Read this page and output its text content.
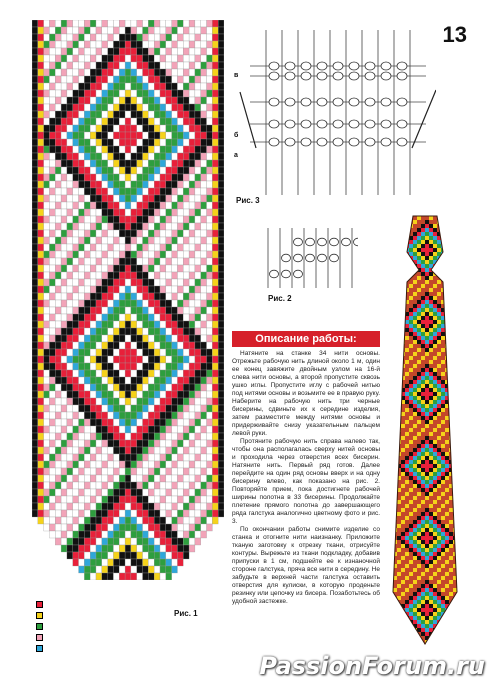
Рис. 1
13
в
б
а
Рис. 3
Рис. 2
Описание работы:

Натяните на станке 34 нити основы. Отрежьте рабочую нить длиной около 1 м, один ее конец завяжите двойным узлом на 16-й слева нити основы, а второй пропустите сквозь ушко иглы. Пропустите иглу с рабочей нитью под нитями основы и возьмите ее в правую руку. Наберите на рабочую нить три черные бисерины, сдвиньте их к середине изделия, затем разместите между нитями основы и придерживайте снизу указательным пальцем левой руки.

Протяните рабочую нить справа налево так, чтобы она располагалась сверху нитей основы и проходила через отверстия всех бисерин. Натяните нить. Первый ряд готов. Далее перейдите на один ряд основы вверх и на одну бисерину влево, как показано на рис. 2. Повторяйте прием, пока достигнете рабочей ширины полотна в 33 бисерины. Продолжайте плетение прямого полотна до завершающего ряда галстука аналогично цветному фото и рис. 3.

По окончании работы снимите изделие со станка и отогните нити наизнанку. Приложите тканую заготовку к отрезку ткани, отрисуйте контуры. Вырежьте из ткани подкладку, добавив припуски в 1 см, подшейте ее к изнаночной стороне галстука, пряча все нити в середину. Не забудьте в верхней части галстука оставить отверстия для кулиски, в которую проденьте резинку или цепочку из бисера. Позаботьтесь об удобной застежке.

PassionForum.ru
